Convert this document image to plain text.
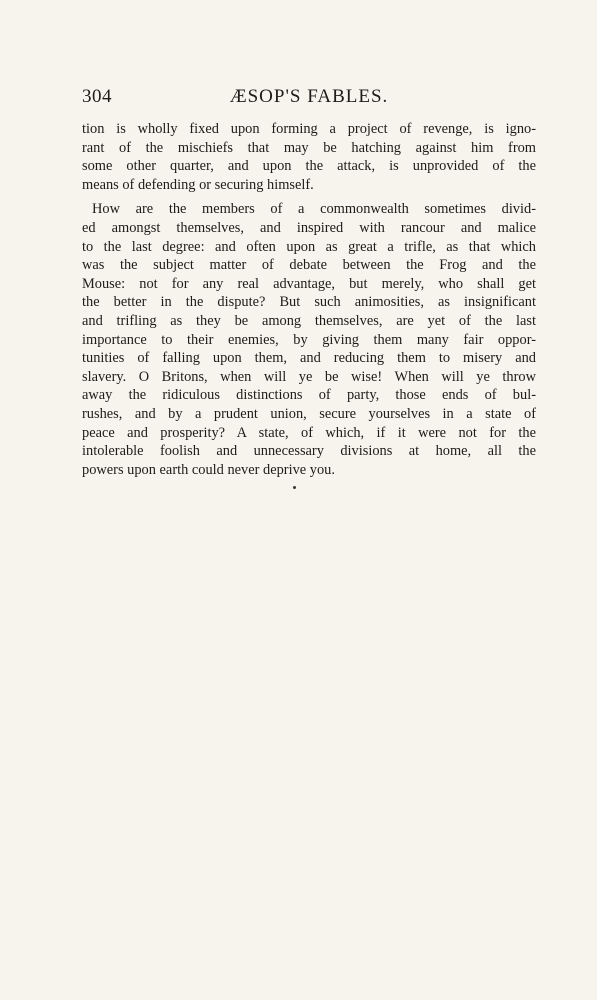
304	ÆSOP'S FABLES.

tion is wholly fixed upon forming a project of revenge, is igno-
rant of the mischiefs that may be hatching against him from
some other quarter, and upon the attack, is unprovided of the
means of defending or securing himself.

How are the members of a commonwealth sometimes divid-
ed amongst themselves, and inspired with rancour and malice
to the last degree: and often upon as great a trifle, as that which
was the subject matter of debate between the Frog and the
Mouse: not for any real advantage, but merely, who shall get
the better in the dispute? But such animosities, as insignificant
and trifling as they be among themselves, are yet of the last
importance to their enemies, by giving them many fair oppor-
tunities of falling upon them, and reducing them to misery and
slavery. O Britons, when will ye be wise! When will ye throw
away the ridiculous distinctions of party, those ends of bul-
rushes, and by a prudent union, secure yourselves in a state of
peace and prosperity? A state, of which, if it were not for the
intolerable foolish and unnecessary divisions at home, all the
powers upon earth could never deprive you.
